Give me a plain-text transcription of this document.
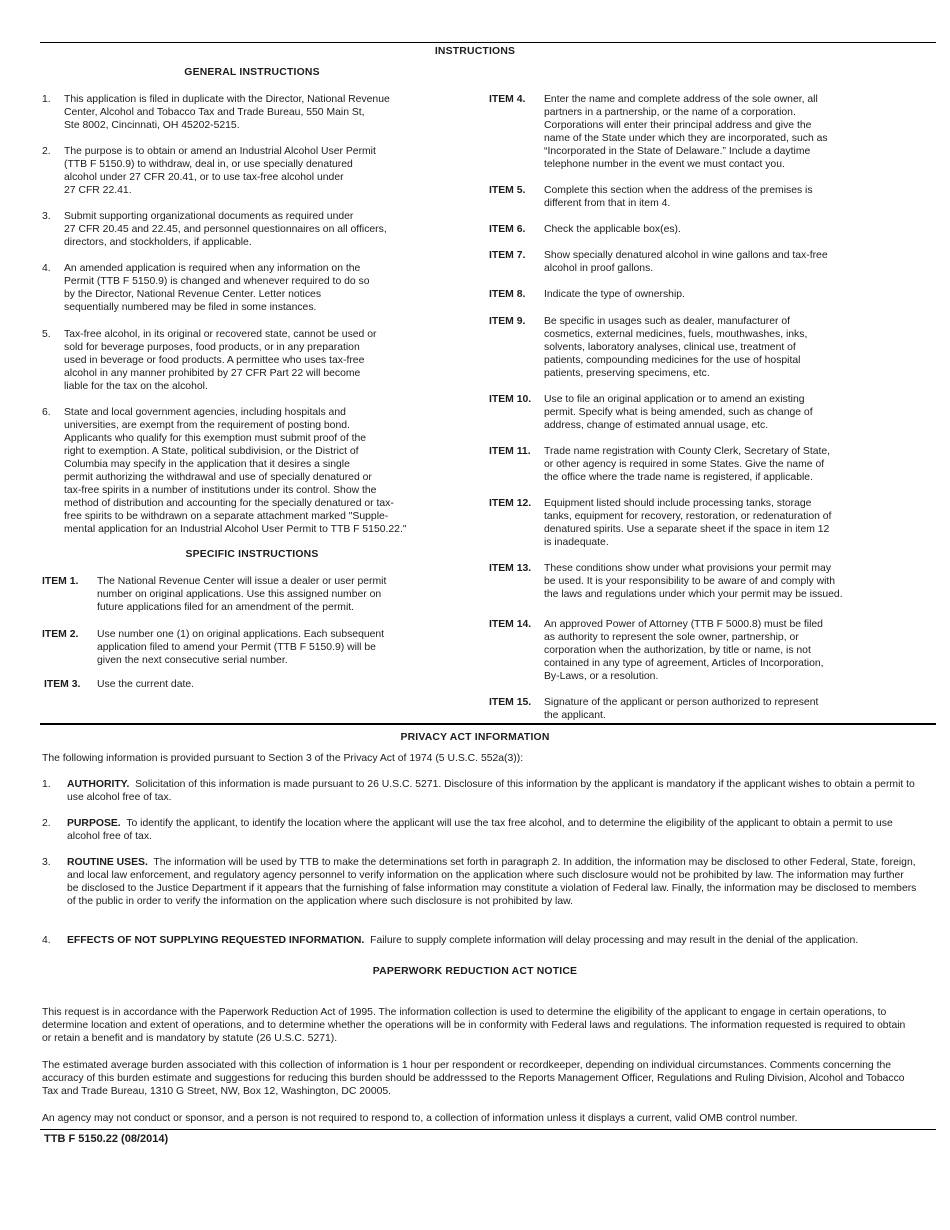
INSTRUCTIONS
GENERAL INSTRUCTIONS
1. This application is filed in duplicate with the Director, National Revenue
Center, Alcohol and Tobacco Tax and Trade Bureau, 550 Main St,
Ste 8002, Cincinnati, OH 45202-5215.
2. The purpose is to obtain or amend an Industrial Alcohol User Permit
(TTB F 5150.9) to withdraw, deal in, or use specially denatured
alcohol under 27 CFR 20.41, or to use tax-free alcohol under
27 CFR 22.41.
3. Submit supporting organizational documents as required under
27 CFR 20.45 and 22.45, and personnel questionnaires on all officers,
directors, and stockholders, if applicable.
4. An amended application is required when any information on the
Permit (TTB F 5150.9) is changed and whenever required to do so
by the Director, National Revenue Center. Letter notices
sequentially numbered may be filed in some instances.
5. Tax-free alcohol, in its original or recovered state, cannot be used or
sold for beverage purposes, food products, or in any preparation
used in beverage or food products. A permittee who uses tax-free
alcohol in any manner prohibited by 27 CFR Part 22 will become
liable for the tax on the alcohol.
6. State and local government agencies, including hospitals and
universities, are exempt from the requirement of posting bond.
Applicants who qualify for this exemption must submit proof of the
right to exemption. A State, political subdivision, or the District of
Columbia may specify in the application that it desires a single
permit authorizing the withdrawal and use of specially denatured or
tax-free spirits in a number of institutions under its control. Show the
method of distribution and accounting for the specially denatured or tax-
free spirits to be withdrawn on a separate attachment marked "Supple-
mental application for an Industrial Alcohol User Permit to TTB F 5150.22."
SPECIFIC INSTRUCTIONS
ITEM 1. The National Revenue Center will issue a dealer or user permit
number on original applications. Use this assigned number on
future applications filed for an amendment of the permit.
ITEM 2. Use number one (1) on original applications. Each subsequent
application filed to amend your Permit (TTB F 5150.9) will be
given the next consecutive serial number.
ITEM 3. Use the current date.
ITEM 4. Enter the name and complete address of the sole owner, all
partners in a partnership, or the name of a corporation.
Corporations will enter their principal address and give the
name of the State under which they are incorporated, such as
“Incorporated in the State of Delaware.” Include a daytime
telephone number in the event we must contact you.
ITEM 5. Complete this section when the address of the premises is
different from that in item 4.
ITEM 6. Check the applicable box(es).
ITEM 7. Show specially denatured alcohol in wine gallons and tax-free
alcohol in proof gallons.
ITEM 8. Indicate the type of ownership.
ITEM 9. Be specific in usages such as dealer, manufacturer of
cosmetics, external medicines, fuels, mouthwashes, inks,
solvents, laboratory analyses, clinical use, treatment of
patients, compounding medicines for the use of hospital
patients, preserving specimens, etc.
ITEM 10. Use to file an original application or to amend an existing
permit. Specify what is being amended, such as change of
address, change of estimated annual usage, etc.
ITEM 11. Trade name registration with County Clerk, Secretary of State,
or other agency is required in some States. Give the name of
the office where the trade name is registered, if applicable.
ITEM 12. Equipment listed should include processing tanks, storage
tanks, equipment for recovery, restoration, or redenaturation of
denatured spirits. Use a separate sheet if the space in item 12
is inadequate.
ITEM 13. These conditions show under what provisions your permit may
be used. It is your responsibility to be aware of and comply with
the laws and regulations under which your permit may be issued.
ITEM 14. An approved Power of Attorney (TTB F 5000.8) must be filed
as authority to represent the sole owner, partnership, or
corporation when the authorization, by title or name, is not
contained in any type of agreement, Articles of Incorporation,
By-Laws, or a resolution.
ITEM 15. Signature of the applicant or person authorized to represent
the applicant.
PRIVACY ACT INFORMATION
The following information is provided pursuant to Section 3 of the Privacy Act of 1974 (5 U.S.C. 552a(3)):
1. AUTHORITY. Solicitation of this information is made pursuant to 26 U.S.C. 5271. Disclosure of this information by the applicant is mandatory if the applicant wishes to obtain a permit to use alcohol free of tax.
2. PURPOSE. To identify the applicant, to identify the location where the applicant will use the tax free alcohol, and to determine the eligibility of the applicant to obtain a permit to use alcohol free of tax.
3. ROUTINE USES. The information will be used by TTB to make the determinations set forth in paragraph 2. In addition, the information may be disclosed to other Federal, State, foreign, and local law enforcement, and regulatory agency personnel to verify information on the application where such disclosure would not be prohibited by law. The information may further be disclosed to the Justice Department if it appears that the furnishing of false information may constitute a violation of Federal law. Finally, the information may be disclosed to members of the public in order to verify the information on the application where such disclosure is not prohibited by law.
4. EFFECTS OF NOT SUPPLYING REQUESTED INFORMATION. Failure to supply complete information will delay processing and may result in the denial of the application.
PAPERWORK REDUCTION ACT NOTICE
This request is in accordance with the Paperwork Reduction Act of 1995. The information collection is used to determine the eligibility of the applicant to engage in certain operations, to determine location and extent of operations, and to determine whether the operations will be in conformity with Federal laws and regulations. The information requested is required to obtain or retain a benefit and is mandatory by statute (26 U.S.C. 5271).
The estimated average burden associated with this collection of information is 1 hour per respondent or recordkeeper, depending on individual circumstances. Comments concerning the accuracy of this burden estimate and suggestions for reducing this burden should be addresssed to the Reports Management Officer, Regulations and Ruling Division, Alcohol and Tobacco Tax and Trade Bureau, 1310 G Street, NW, Box 12, Washington, DC 20005.
An agency may not conduct or sponsor, and a person is not required to respond to, a collection of information unless it displays a current, valid OMB control number.
TTB F 5150.22 (08/2014)
